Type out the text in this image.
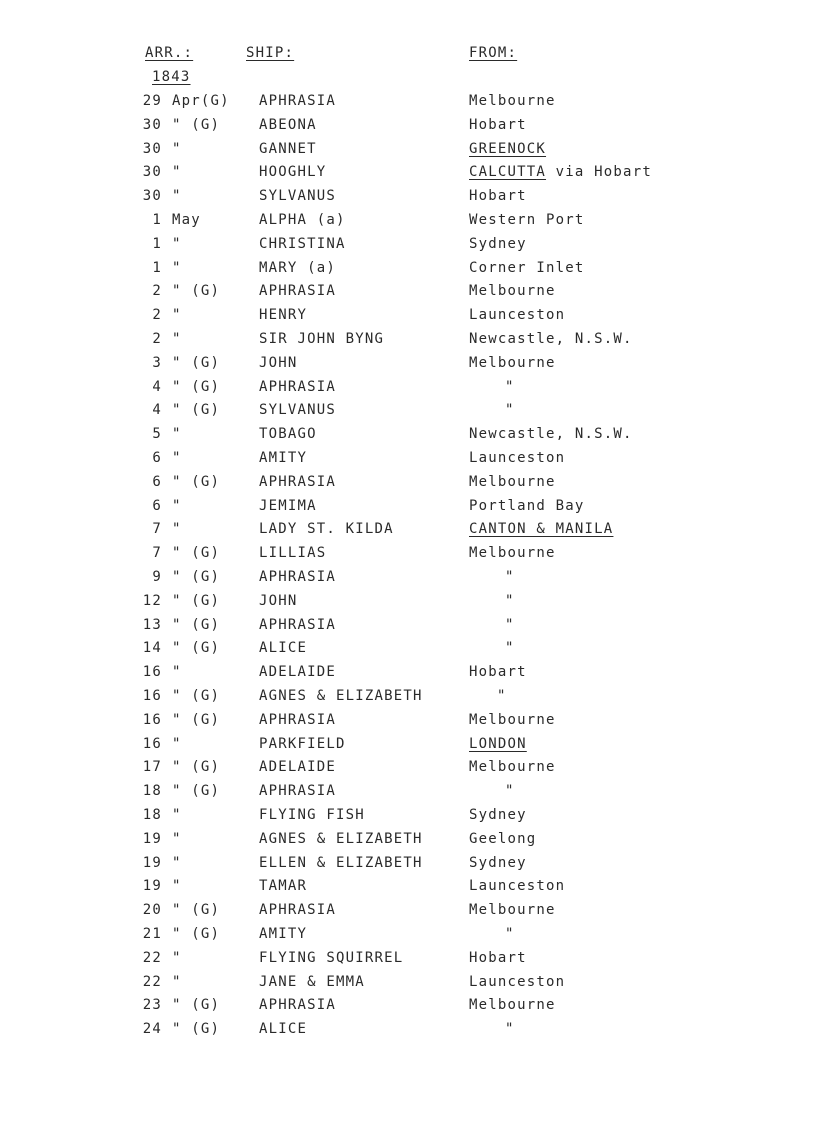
ARR.:	SHIP:	FROM:
1843
29 Apr(G) APHRASIA	Melbourne
30 " (G)	ABEONA	Hobart
30 "	GANNET	GREENOCK
30 "	HOOGHLY	CALCUTTA via Hobart
30 "	SYLVANUS	Hobart
1 May	ALPHA (a)	Western Port
1 "	CHRISTINA	Sydney
1 "	MARY (a)	Corner Inlet
2 " (G)	APHRASIA	Melbourne
2 "	HENRY	Launceston
2 "	SIR JOHN BYNG	Newcastle, N.S.W.
3 " (G)	JOHN	Melbourne
4 " (G)	APHRASIA	"
4 " (G)	SYLVANUS	"
5 "	TOBAGO	Newcastle, N.S.W.
6 "	AMITY	Launceston
6 " (G)	APHRASIA	Melbourne
6 "	JEMIMA	Portland Bay
7 "	LADY ST. KILDA	CANTON & MANILA
7 " (G)	LILLIAS	Melbourne
9 " (G)	APHRASIA	"
12 " (G)	JOHN	"
13 " (G)	APHRASIA	"
14 " (G)	ALICE	"
16 "	ADELAIDE	Hobart
16 " (G)	AGNES & ELIZABETH	"
16 " (G)	APHRASIA	Melbourne
16 "	PARKFIELD	LONDON
17 " (G)	ADELAIDE	Melbourne
18 " (G)	APHRASIA	"
18 "	FLYING FISH	Sydney
19 "	AGNES & ELIZABETH	Geelong
19 "	ELLEN & ELIZABETH	Sydney
19 "	TAMAR	Launceston
20 " (G)	APHRASIA	Melbourne
21 " (G)	AMITY	"
22 "	FLYING SQUIRREL	Hobart
22 "	JANE & EMMA	Launceston
23 " (G)	APHRASIA	Melbourne
24 " (G)	ALICE	"
